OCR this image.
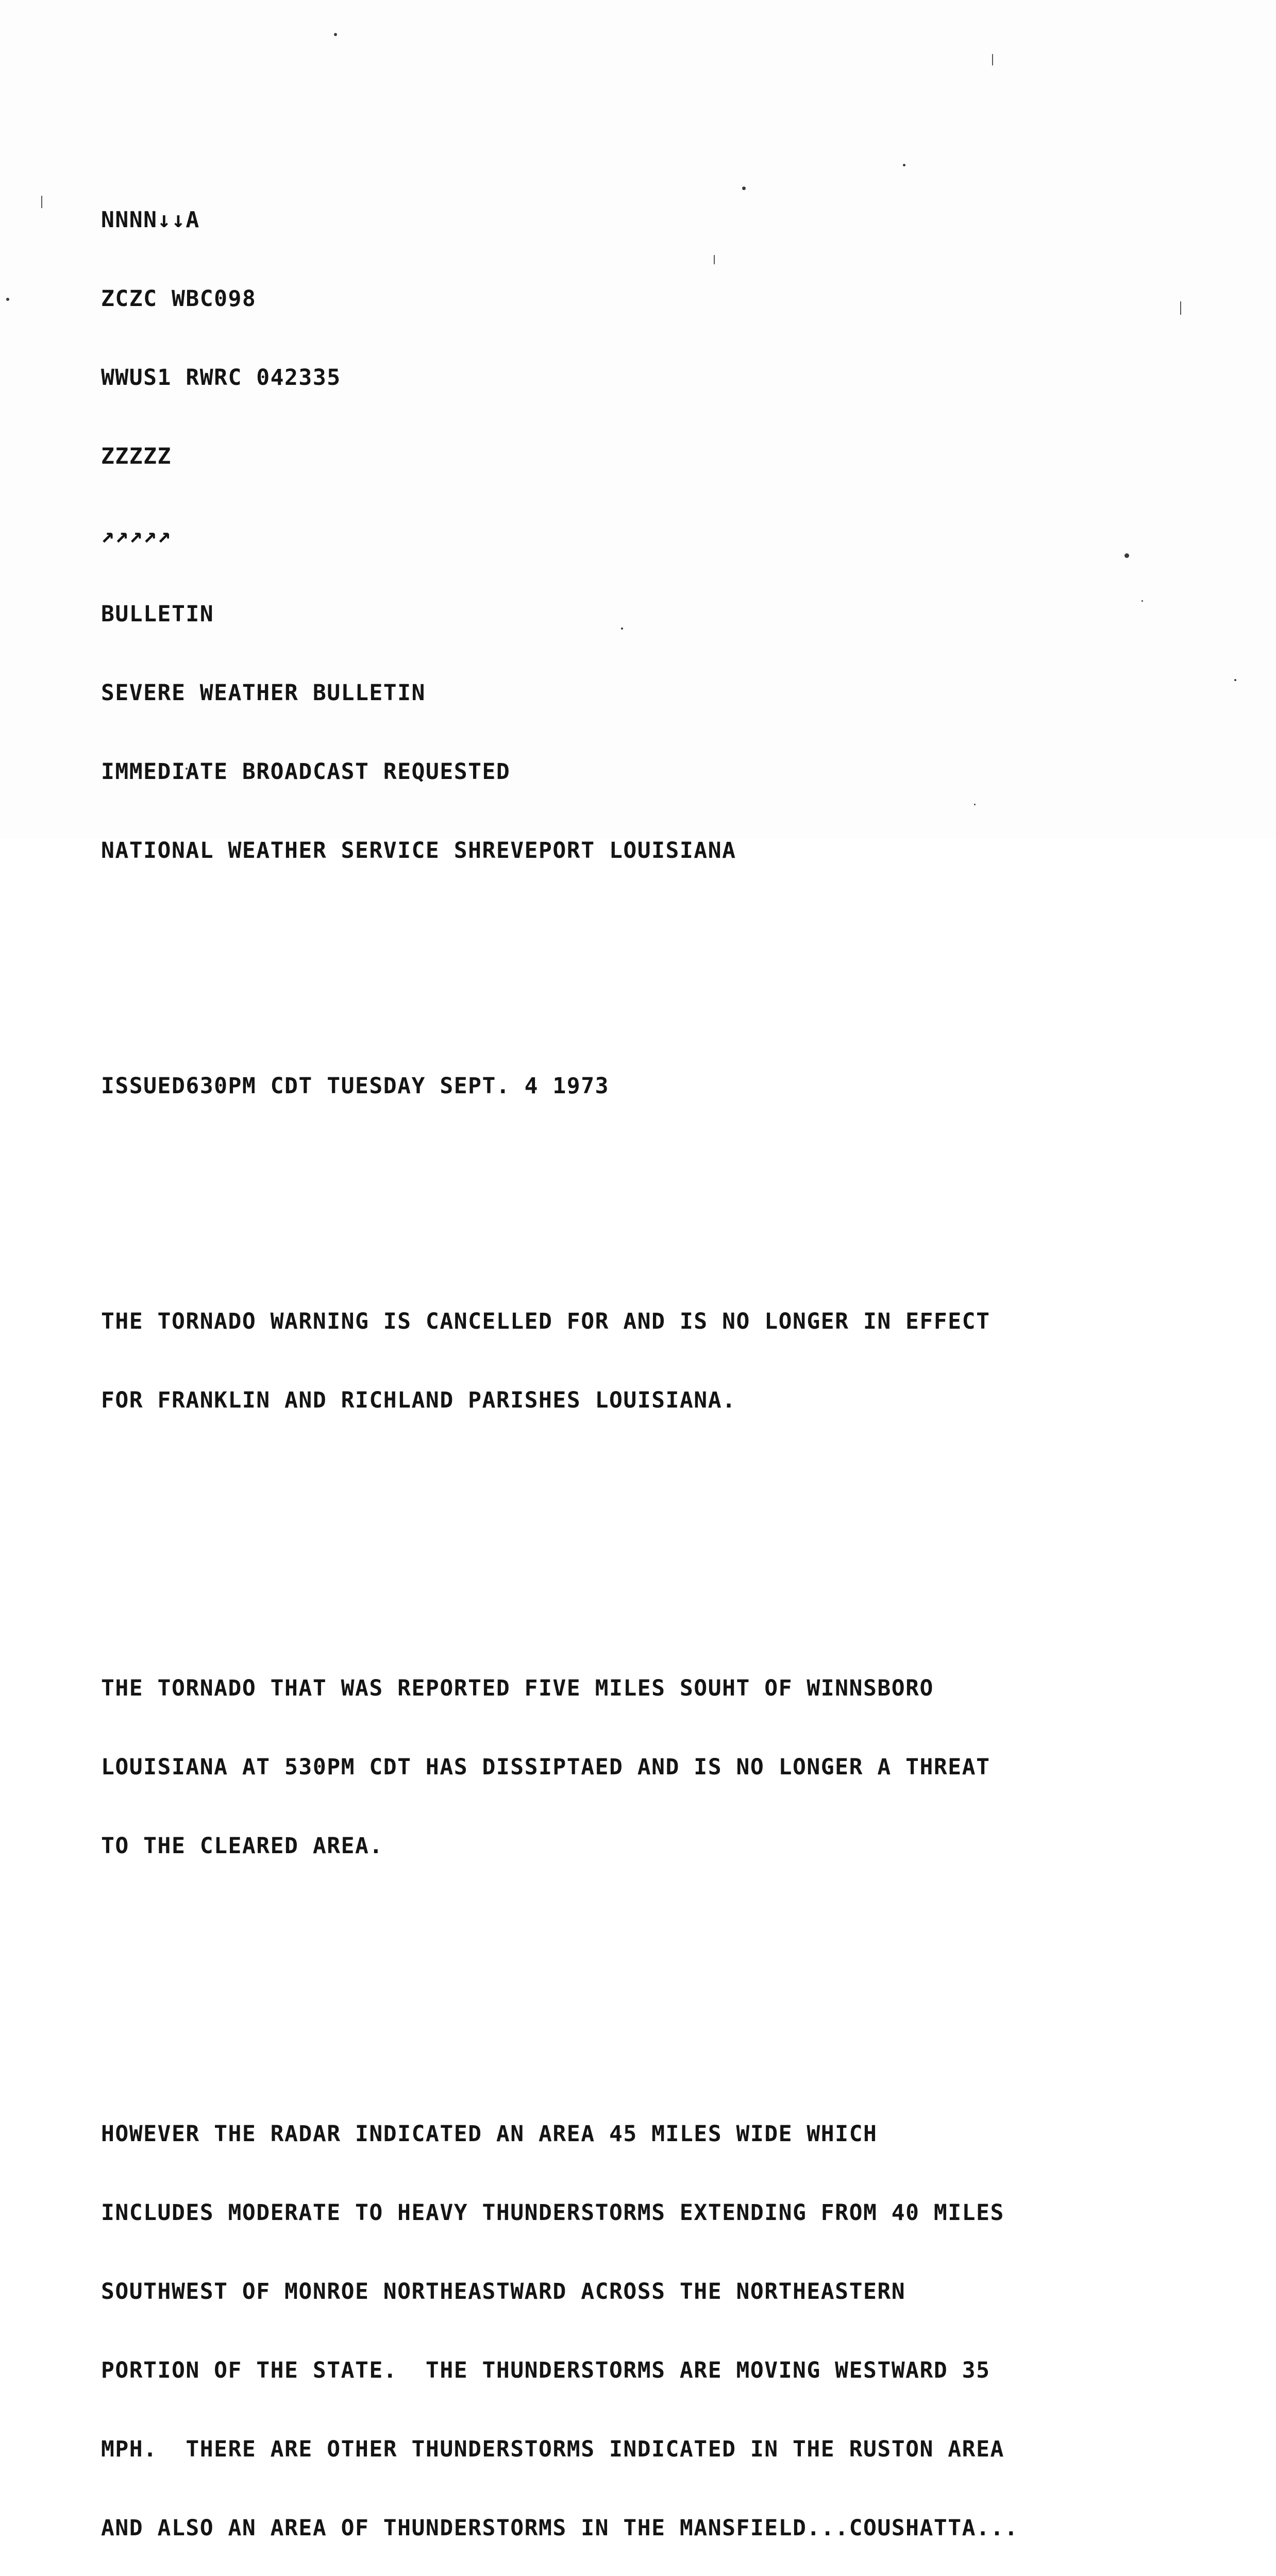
NNNN↓↓A

ZCZC WBC098

WWUS1 RWRC 042335

ZZZZZ

↗↗↗↗↗

BULLETIN

SEVERE WEATHER BULLETIN

IMMEDIATE BROADCAST REQUESTED

NATIONAL WEATHER SERVICE SHREVEPORT LOUISIANA

ISSUED630PM CDT TUESDAY SEPT. 4 1973

THE TORNADO WARNING IS CANCELLED FOR AND IS NO LONGER IN EFFECT

FOR FRANKLIN AND RICHLAND PARISHES LOUISIANA.

THE TORNADO THAT WAS REPORTED FIVE MILES SOUHT OF WINNSBORO

LOUISIANA AT 530PM CDT HAS DISSIPTAED AND IS NO LONGER A THREAT

TO THE CLEARED AREA.

HOWEVER THE RADAR INDICATED AN AREA 45 MILES WIDE WHICH

INCLUDES MODERATE TO HEAVY THUNDERSTORMS EXTENDING FROM 40 MILES

SOUTHWEST OF MONROE NORTHEASTWARD ACROSS THE NORTHEASTERN

PORTION OF THE STATE.  THE THUNDERSTORMS ARE MOVING WESTWARD 35

MPH.  THERE ARE OTHER THUNDERSTORMS INDICATED IN THE RUSTON AREA

AND ALSO AN AREA OF THUNDERSTORMS IN THE MANSFIELD...COUSHATTA...
